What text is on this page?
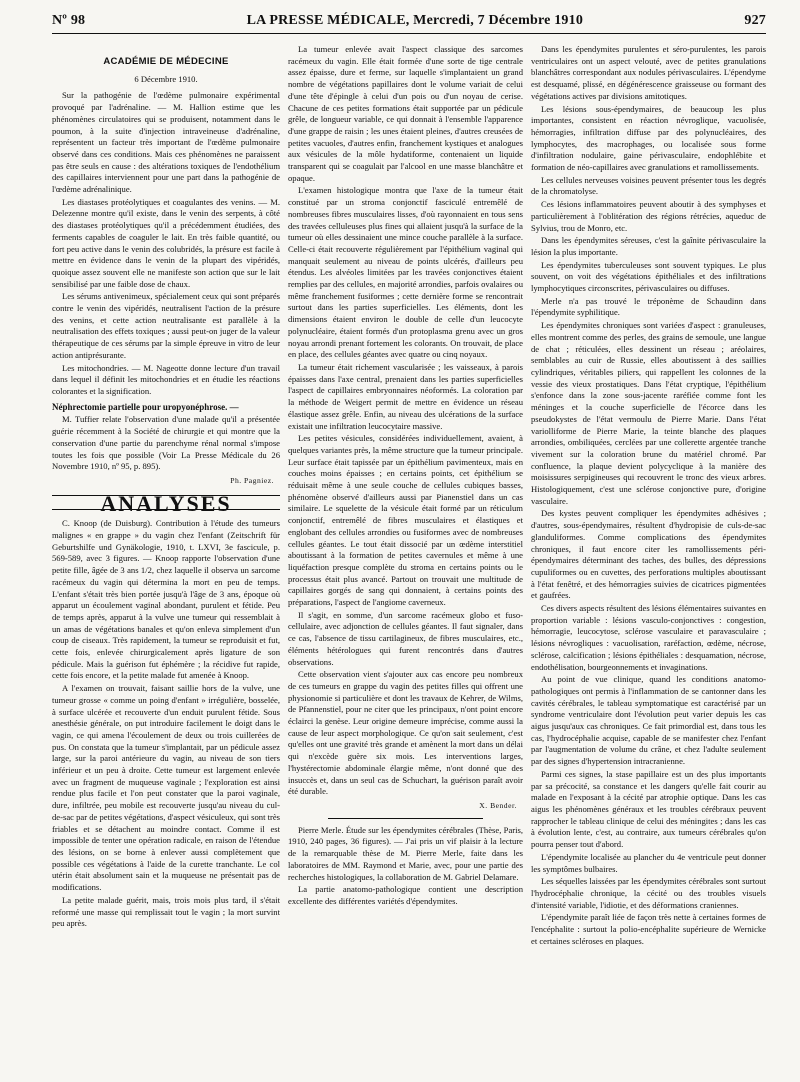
Nº 98	LA PRESSE MÉDICALE, Mercredi, 7 Décembre 1910	927
ACADÉMIE DE MÉDECINE
6 Décembre 1910.

Sur la pathogénie de l'œdème pulmonaire expérimental provoqué par l'adrénaline. — M. Hallion estime que les phénomènes circulatoires qui se produisent, notamment dans le poumon, à la suite d'injection intraveineuse d'adrénaline, représentent un facteur très important de l'œdème pulmonaire observé dans ces conditions. Mais ces phénomènes ne paraissent pas être seuls en cause : des altérations toxiques de l'endothélium des capillaires interviennent pour une part dans la pathogénie de l'œdème adrénalinique.

Les diastases protéolytiques et coagulantes des venins. — M. Delezenne montre qu'il existe, dans le venin des serpents, à côté des diastases protéolytiques qu'il a précédemment étudiées, des ferments capables de coaguler le lait. En très faible quantité, ou fort peu active dans le venin des colubridés, la présure est facile à mettre en évidence dans le venin de la plupart des vipéridés, quoique assez souvent elle ne manifeste son action que sur le lait sensibilisé par une faible dose de chaux.

Les sérums antivenimeux, spécialement ceux qui sont préparés contre le venin des vipéridés, neutralisent l'action de la présure des venins, et cette action neutralisante est parallèle à la neutralisation des effets toxiques ; aussi peut-on juger de la valeur thérapeutique de ces sérums par la simple épreuve in vitro de leur action antiprésurante.

Les mitochondries. — M. Nageotte donne lecture d'un travail dans lequel il définit les mitochondries et en étudie les réactions colorantes et la signification.

Néphrectomie partielle pour uropyonéphrose. —

M. Tuffier relate l'observation d'une malade qu'il a présentée guérie récemment à la Société de chirurgie et qui montre que la conservation d'une partie du parenchyme rénal normal s'impose toutes les fois que possible (Voir La Presse Médicale du 26 Novembre 1910, nº 95, p. 895).

Ph. Pagniez.
ANALYSES

C. Knoop (de Duisburg). Contribution à l'étude des tumeurs malignes « en grappe » du vagin chez l'enfant (Zeitschrift für Geburtshilfe und Gynäkologie, 1910, t. LXVI, 3e fascicule, p. 569-589, avec 3 figures. — Knoop rapporte l'observation d'une petite fille, âgée de 3 ans 1/2, chez laquelle il observa un sarcome racémeux du vagin qui détermina la mort en peu de temps. L'enfant s'était très bien portée jusqu'à l'âge de 3 ans, époque où apparut un écoulement vaginal abondant, purulent et fétide. Peu de temps après, apparut à la vulve une tumeur qui ressemblait à un amas de végétations banales et qu'on enleva simplement d'un coup de ciseaux. Très rapidement, la tumeur se reproduisit et fut, cette fois, enlevée chirurgicalement après ligature de son pédicule. Mais la guérison fut éphémère ; la récidive fut rapide, cette fois encore, et la petite malade fut amenée à Knoop.

A l'examen on trouvait, faisant saillie hors de la vulve, une tumeur grosse « comme un poing d'enfant » irrégulière, bosselée, à surface ulcérée et recouverte d'un enduit purulent fétide. Sous anesthésie générale, on put introduire facilement le doigt dans le vagin, ce qui amena l'écoulement de deux ou trois cuillerées de pus. On constata que la tumeur s'implantait, par un pédicule assez large, sur la paroi antérieure du vagin, au niveau de son tiers inférieur et un peu à droite. Cette tumeur est largement enlevée avec un fragment de muqueuse vaginale ; l'exploration est ainsi rendue plus facile et l'on peut constater que la paroi vaginale, dure, infiltrée, peu mobile est recouverte jusqu'au niveau du cul-de-sac par de petites végétations, d'aspect vésiculeux, qui sont très friables et se détachent au moindre contact. Comme il est impossible de tenter une opération radicale, en raison de l'étendue des lésions, on se borne à enlever aussi complètement que possible ces végétations à l'aide de la curette tranchante. Le col utérin était absolument sain et la muqueuse ne présentait pas de modifications.

La petite malade guérit, mais, trois mois plus tard, il s'était reformé une masse qui remplissait tout le vagin ; la mort survint peu après.

La tumeur enlevée avait l'aspect classique des sarcomes racémeux du vagin. Elle était formée d'une sorte de tige centrale assez épaisse, dure et ferme, sur laquelle s'implantaient un grand nombre de végétations papillaires dont le volume variait de celui d'une tête d'épingle à celui d'un pois ou d'un noyau de cerise. Chacune de ces petites formations était supportée par un pédicule grêle, de longueur variable, ce qui donnait à l'ensemble l'apparence d'une grappe de raisin ; les unes étaient pleines, d'autres creusées de petites vacuoles, d'autres enfin, franchement kystiques et analogues aux vésicules de la môle hydatiforme, contenaient un liquide transparent qui se coagulait par l'alcool en une masse blanchâtre et opaque.

L'examen histologique montra que l'axe de la tumeur était constitué par un stroma conjonctif fasciculé entremêlé de nombreuses fibres musculaires lisses, d'où rayonnaient en tous sens des travées celluleuses plus fines qui allaient jusqu'à la surface de la tumeur où elles dessinaient une mince couche parallèle à la surface. Celle-ci était recouverte régulièrement par l'épithélium vaginal qui manquait seulement au niveau de points ulcérés, d'ailleurs peu étendus. Les alvéoles limitées par les travées conjonctives étaient remplies par des cellules, en majorité arrondies, parfois ovalaires ou même franchement fusiformes ; cette dernière forme se rencontrait surtout dans les parties superficielles. Les éléments, dont les dimensions étaient environ le double de celle d'un leucocyte polynucléaire, étaient formés d'un protoplasma grenu avec un gros noyau arrondi prenant fortement les colorants. On trouvait, de place en place, des cellules géantes avec quatre ou cinq noyaux.

La tumeur était richement vascularisée ; les vaisseaux, à parois épaisses dans l'axe central, prenaient dans les parties superficielles l'aspect de capillaires embryonnaires néoformés. La coloration par la méthode de Weigert permit de mettre en évidence un réseau élastique assez grêle. Enfin, au niveau des ulcérations de la surface existait une infiltration leucocytaire massive.

Les petites vésicules, considérées individuellement, avaient, à quelques variantes près, la même structure que la tumeur principale. Leur surface était tapissée par un épithélium pavimenteux, mais en couches moins épaisses ; en certains points, cet épithélium se réduisait même à une seule couche de cellules cubiques basses, phénomène observé d'ailleurs aussi par Pianenstiel dans un cas similaire. Le squelette de la vésicule était formé par un réticulum conjonctif, entremêlé de fibres musculaires et élastiques et englobant des cellules arrondies ou fusiformes avec de nombreuses cellules géantes. Le tout était dissocié par un œdème interstitiel aboutissant à la formation de petites cavernules et même à une liquéfaction presque complète du stroma en certains points ou le processus était plus avancé. Partout on trouvait une multitude de capillaires gorgés de sang qui donnaient, à certains points des préparations, l'aspect de l'angiome caverneux.

Il s'agit, en somme, d'un sarcome racémeux globo et fuso-cellulaire, avec adjonction de cellules géantes. Il faut signaler, dans ce cas, l'absence de tissu cartilagineux, de fibres musculaires, etc., éléments hétérologues qui furent rencontrés dans d'autres observations.

Cette observation vient s'ajouter aux cas encore peu nombreux de ces tumeurs en grappe du vagin des petites filles qui offrent une physionomie si particulière et dont les travaux de Kehrer, de Wilms, de Pfannenstiel, pour ne citer que les principaux, n'ont point encore éclairci la genèse. Leur origine demeure imprécise, comme aussi la cause de leur aspect morphologique. Ce qu'on sait seulement, c'est qu'elles ont une gravité très grande et amènent la mort dans un délai qui n'excède guère six mois. Les interventions larges, l'hystérectomie abdominale élargie même, n'ont donné que des insuccès et, dans un seul cas de Schuchart, la guérison paraît avoir été durable.

X. Bender.

Pierre Merle. Étude sur les épendymites cérébrales (Thèse, Paris, 1910, 240 pages, 36 figures). — J'ai pris un vif plaisir à la lecture de la remarquable thèse de M. Pierre Merle, faite dans les laboratoires de MM. Raymond et Marie, avec, pour une partie des recherches histologiques, la collaboration de M. Gabriel Delamare.

La partie anatomo-pathologique contient une description excellente des différentes variétés d'épendymites.

Dans les épendymites purulentes et séro-purulentes, les parois ventriculaires ont un aspect velouté, avec de petites granulations blanchâtres correspondant aux nodules périvasculaires. L'épendyme est desquamé, plissé, en dégénérescence graisseuse ou formant des végétations actives par divisions amitotiques.

Les lésions sous-épendymaires, de beaucoup les plus importantes, consistent en réaction névroglique, vacuolisée, hémorragies, infiltration diffuse par des polynucléaires, des lymphocytes, des macrophages, ou localisée sous forme d'infiltration nodulaire, gaine périvasculaire, endophlébite et formation de néo-capillaires avec granulations et ramollissements.

Les cellules nerveuses voisines peuvent présenter tous les degrés de la chromatolyse.

Ces lésions inflammatoires peuvent aboutir à des symphyses et particulièrement à l'oblitération des régions rétrécies, aqueduc de Sylvius, trou de Monro, etc.

Dans les épendymites séreuses, c'est la gaînite périvasculaire la lésion la plus importante.

Les épendymites tuberculeuses sont souvent typiques. Le plus souvent, on voit des végétations épithéliales et des infiltrations lymphocytiques circonscrites, périvasculaires ou diffuses.

Merle n'a pas trouvé le tréponème de Schaudinn dans l'épendymite syphilitique.

Les épendymites chroniques sont variées d'aspect : granuleuses, elles montrent comme des perles, des grains de semoule, une langue de chat ; réticulées, elles dessinent un réseau ; aréolaires, semblables au cuir de Russie, elles aboutissent à des saillies cylindriques, véritables piliers, qui rappellent les colonnes de la vessie des vieux prostatiques. Dans l'état cryptique, l'épithélium s'enfonce dans la zone sous-jacente raréfiée comme font les méninges et la couche superficielle de l'écorce dans les pseudokystes de l'état vermoulu de Pierre Marie. Dans l'état variolliforme de Pierre Marie, la teinte blanche des plaques arrondies, ombiliquées, cerclées par une collerette argentée tranche vivement sur la coloration brune du matériel chromé. Par confluence, la plaque devient polycyclique à la manière des moisissures serpigineuses qui recouvrent le tronc des vieux arbres. Histologiquement, c'est une sclérose conjonctive pure, d'origine vasculaire.

Des kystes peuvent compliquer les épendymites adhésives ; d'autres, sous-épendymaires, résultent d'hydropisie de culs-de-sac glanduliformes. Comme complications des épendymites chroniques, il faut encore citer les ramollissements péri-épendymaires déterminant des taches, des bulles, des dépressions cupuliformes ou en cuvettes, des perforations multiples aboutissant à l'état fenêtré, et des hémorragies suivies de cicatrices pigmentées et gaufrées.

Ces divers aspects résultent des lésions élémentaires suivantes en proportion variable : lésions vasculo-conjonctives : congestion, hémorragie, leucocytose, sclérose vasculaire et paravasculaire ; lésions névrogliques : vacuolisation, raréfaction, œdème, nécrose, sclérose, calcification ; lésions épithéliales : desquamation, nécrose, endothélisation, bourgeonnements et invaginations.

Au point de vue clinique, quand les conditions anatomo-pathologiques ont permis à l'inflammation de se cantonner dans les cavités cérébrales, le tableau symptomatique est caractérisé par un syndrome ventriculaire dont l'évolution peut varier depuis les cas aigus jusqu'aux cas chroniques. Ce fait primordial est, dans tous les cas, l'hydrocéphalie acquise, capable de se manifester chez l'enfant par l'augmentation de volume du crâne, et chez l'adulte seulement par des signes d'hypertension intracranienne.

Parmi ces signes, la stase papillaire est un des plus importants par sa précocité, sa constance et les dangers qu'elle fait courir au malade en l'exposant à la cécité par atrophie optique. Dans les cas aigus les phénomènes généraux et les troubles cérébraux peuvent rapprocher le tableau clinique de celui des méningites ; dans les cas à évolution lente, c'est, au contraire, aux tumeurs cérébrales qu'on pourra penser tout d'abord.

L'épendymite localisée au plancher du 4e ventricule peut donner les symptômes bulbaires.

Les séquelles laissées par les épendymites cérébrales sont surtout l'hydrocéphalie chronique, la cécité ou des troubles visuels d'intensité variable, l'idiotie, et des déformations craniennes.

L'épendymite paraît liée de façon très nette à certaines formes de l'encéphalite : surtout la polio-encéphalite supérieure de Wernicke et certaines scléroses en plaques.
